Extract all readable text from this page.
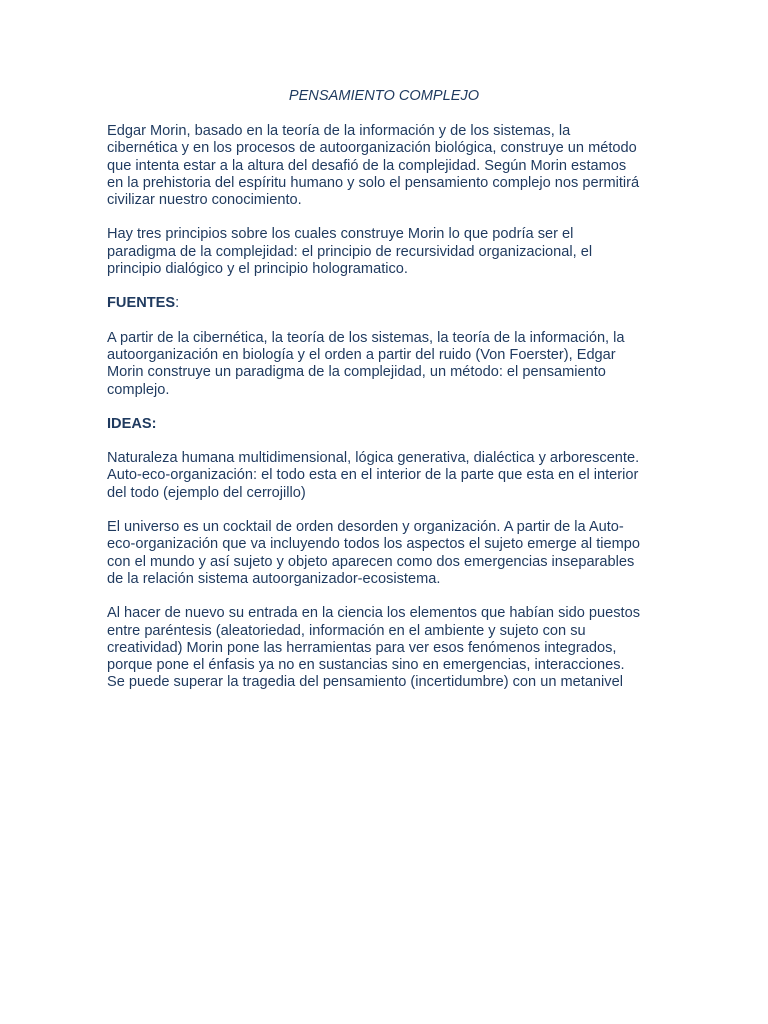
PENSAMIENTO COMPLEJO

Edgar Morin, basado en la teoría de la información y de los sistemas, la
cibernética y en los procesos de autoorganización biológica, construye un método
que intenta estar a la altura del desafió de la complejidad. Según Morin estamos
en la prehistoria del espíritu humano y solo el pensamiento complejo nos permitirá
civilizar nuestro conocimiento.

Hay tres principios sobre los cuales construye Morin lo que podría ser el
paradigma de la complejidad: el principio de recursividad organizacional, el
principio dialógico y el principio hologramatico.

FUENTES:

A partir de la cibernética, la teoría de los sistemas, la teoría de la información, la
autoorganización en biología y el orden a partir del ruido (Von Foerster), Edgar
Morin construye un paradigma de la complejidad, un método: el pensamiento
complejo.

IDEAS:

Naturaleza humana multidimensional, lógica generativa, dialéctica y arborescente.
Auto-eco-organización: el todo esta en el interior de la parte que esta en el interior
del todo (ejemplo del cerrojillo)

El universo es un cocktail de orden desorden y organización. A partir de la Auto-
eco-organización que va incluyendo todos los aspectos el sujeto emerge al tiempo
con el mundo y así sujeto y objeto aparecen como dos emergencias inseparables
de la relación sistema autoorganizador-ecosistema.

Al hacer de nuevo su entrada en la ciencia los elementos que habían sido puestos
entre paréntesis (aleatoriedad, información en el ambiente y sujeto con su
creatividad) Morin pone las herramientas para ver esos fenómenos integrados,
porque pone el énfasis ya no en sustancias sino en emergencias, interacciones.
Se puede superar la tragedia del pensamiento (incertidumbre) con un metanivel
